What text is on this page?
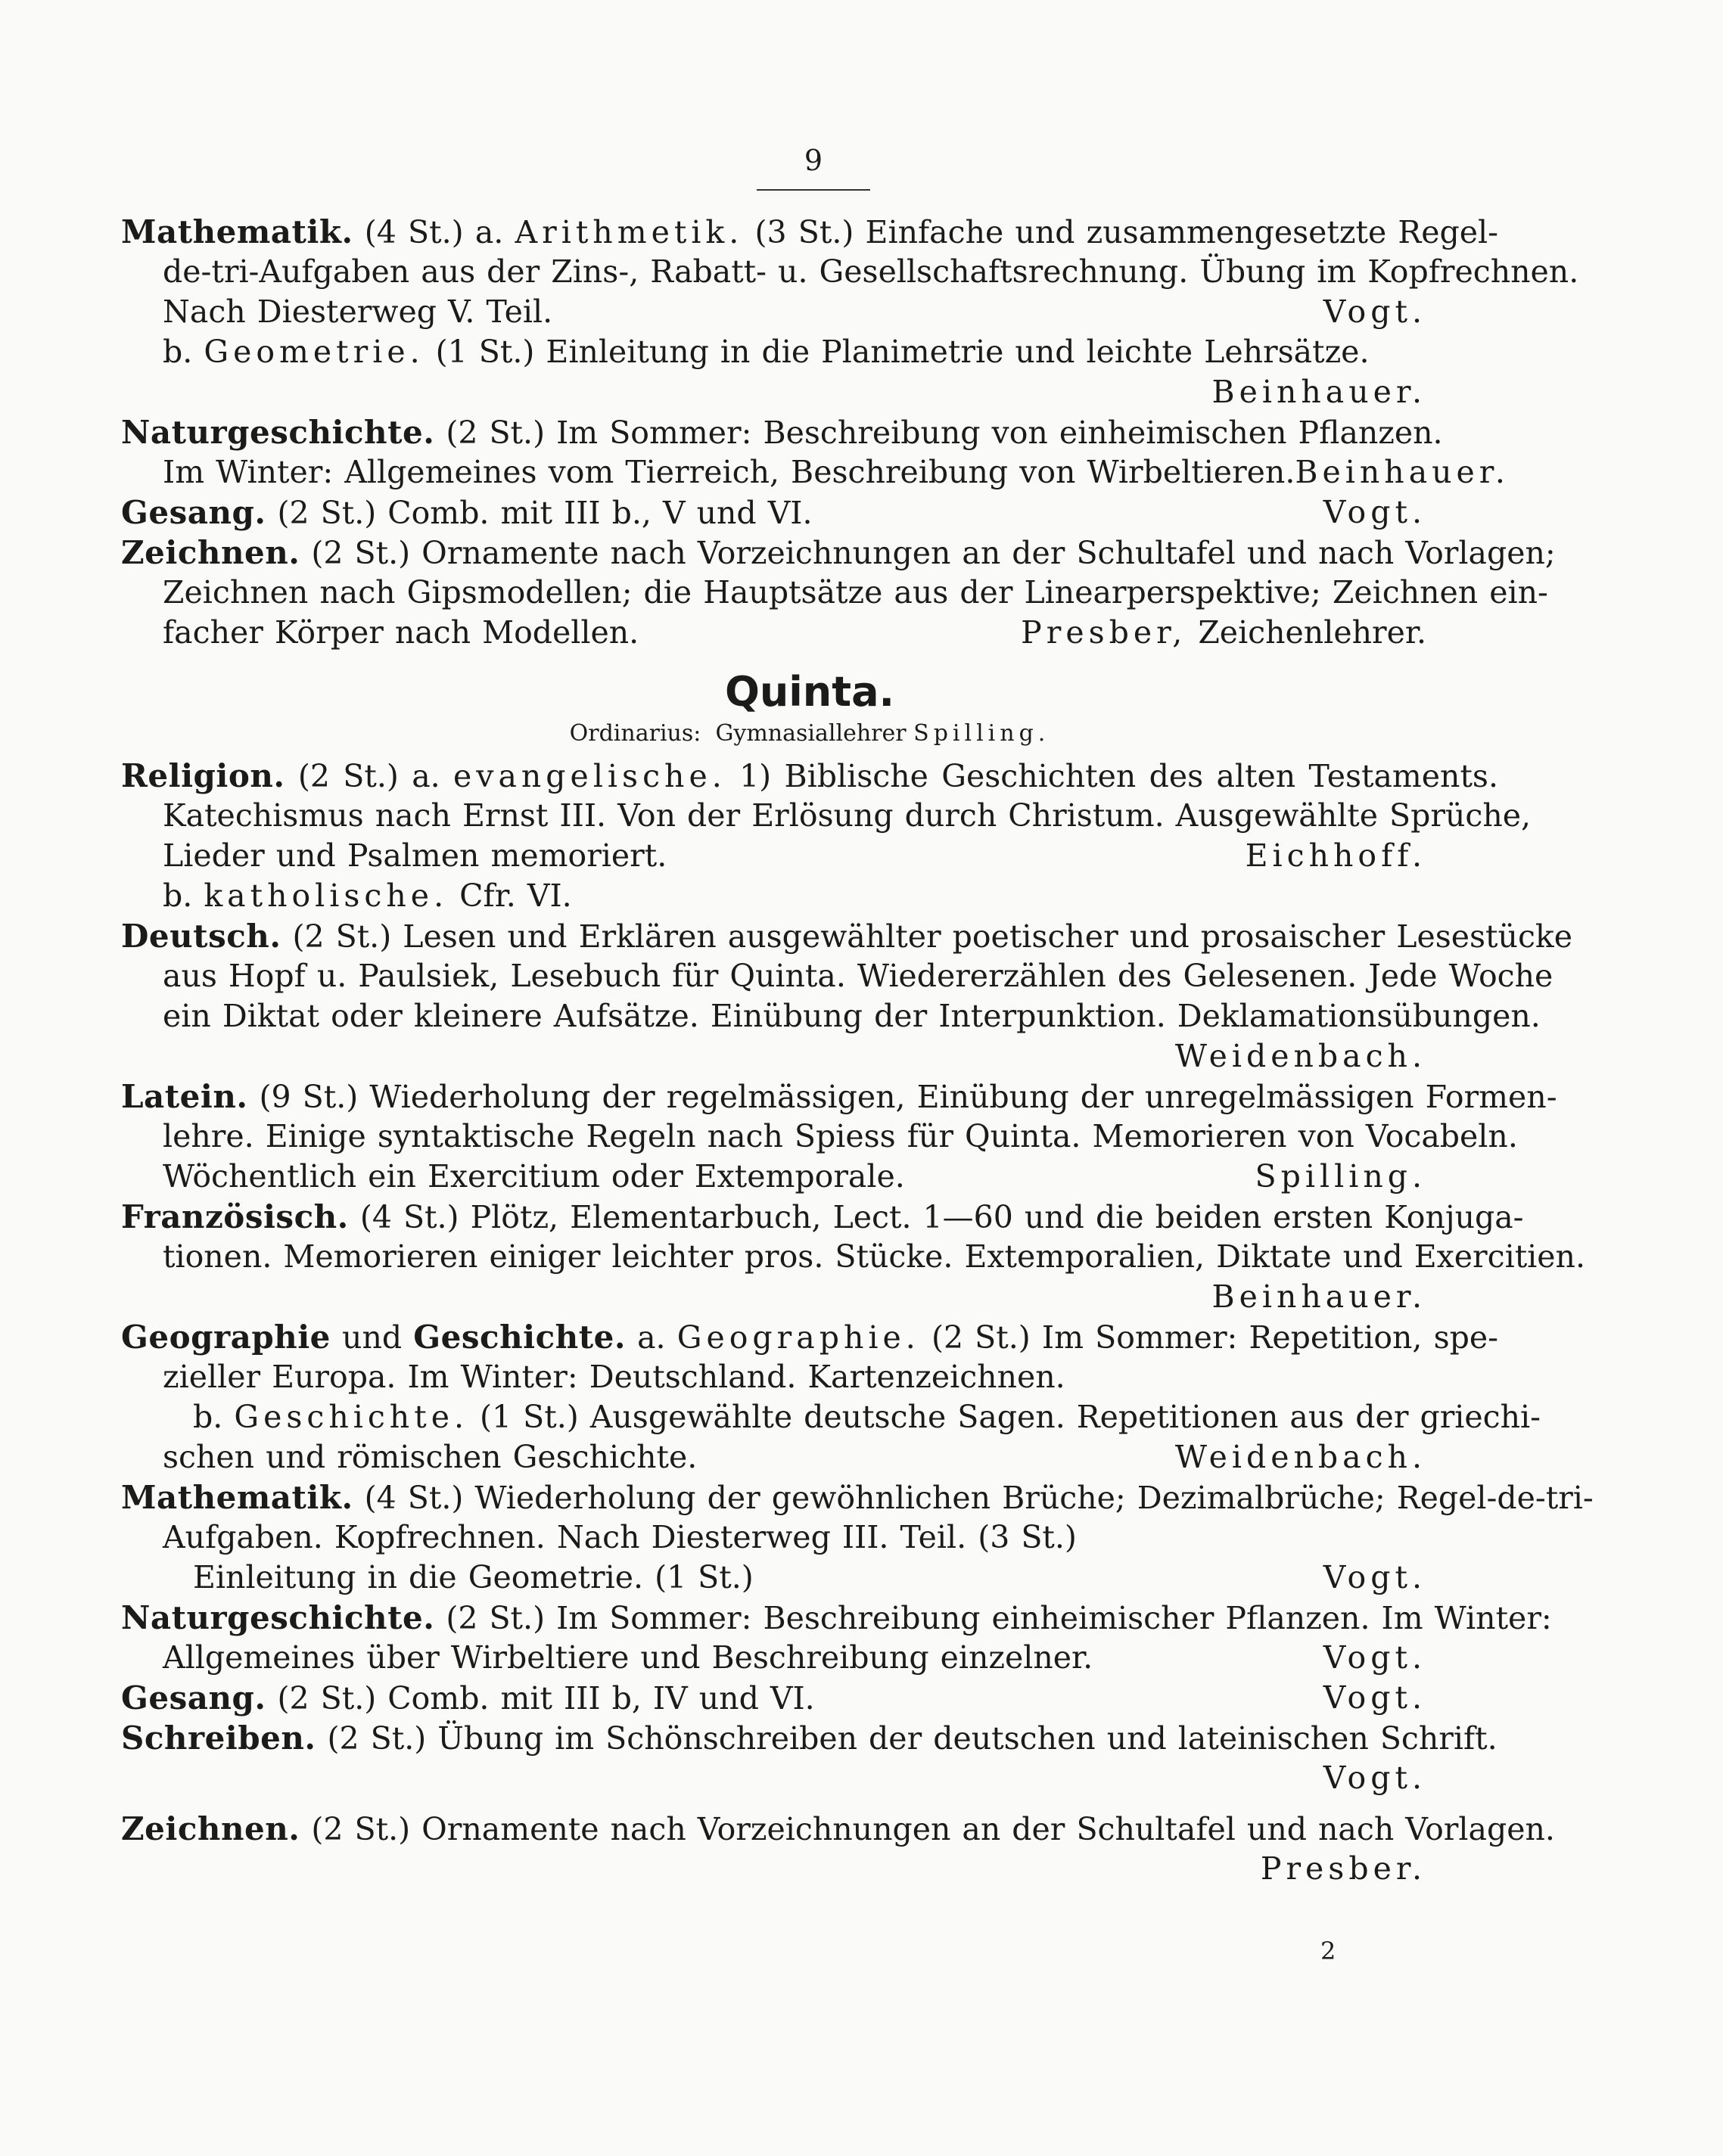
9
Mathematik. (4 St.) a. Arithmetik. (3 St.) Einfache und zusammengesetzte Regel-
de-tri-Aufgaben aus der Zins-, Rabatt- u. Gesellschaftsrechnung. Übung im Kopfrechnen.
Nach Diesterweg V. Teil.	Vogt.
b. Geometrie. (1 St.) Einleitung in die Planimetrie und leichte Lehrsätze.
Beinhauer.
Naturgeschichte. (2 St.) Im Sommer: Beschreibung von einheimischen Pflanzen.
Im Winter: Allgemeines vom Tierreich, Beschreibung von Wirbeltieren. Beinhauer.
Gesang. (2 St.) Comb. mit III b., V und VI.	Vogt.
Zeichnen. (2 St.) Ornamente nach Vorzeichnungen an der Schultafel und nach Vorlagen;
Zeichnen nach Gipsmodellen; die Hauptsätze aus der Linearperspektive; Zeichnen ein-
facher Körper nach Modellen.	Presber, Zeichenlehrer.
Quinta.
Ordinarius: Gymnasiallehrer Spilling.
Religion. (2 St.) a. evangelische. 1) Biblische Geschichten des alten Testaments.
Katechismus nach Ernst III. Von der Erlösung durch Christum. Ausgewählte Sprüche,
Lieder und Psalmen memoriert.	Eichhoff.
b. katholische. Cfr. VI.
Deutsch. (2 St.) Lesen und Erklären ausgewählter poetischer und prosaischer Lesestücke
aus Hopf u. Paulsiek, Lesebuch für Quinta. Wiedererzählen des Gelesenen. Jede Woche
ein Diktat oder kleinere Aufsätze. Einübung der Interpunktion. Deklamationsübungen.
Weidenbach.
Latein. (9 St.) Wiederholung der regelmässigen, Einübung der unregelmässigen Formen-
lehre. Einige syntaktische Regeln nach Spiess für Quinta. Memorieren von Vocabeln.
Wöchentlich ein Exercitium oder Extemporale.	Spilling.
Französisch. (4 St.) Plötz, Elementarbuch, Lect. 1—60 und die beiden ersten Konjuga-
tionen. Memorieren einiger leichter pros. Stücke. Extemporalien, Diktate und Exercitien.
Beinhauer.
Geographie und Geschichte. a. Geographie. (2 St.) Im Sommer: Repetition, spe-
zieller Europa. Im Winter: Deutschland. Kartenzeichnen.
b. Geschichte. (1 St.) Ausgewählte deutsche Sagen. Repetitionen aus der griechi-
schen und römischen Geschichte.	Weidenbach.
Mathematik. (4 St.) Wiederholung der gewöhnlichen Brüche; Dezimalbrüche; Regel-de-tri-
Aufgaben. Kopfrechnen. Nach Diesterweg III. Teil. (3 St.)
Einleitung in die Geometrie. (1 St.)	Vogt.
Naturgeschichte. (2 St.) Im Sommer: Beschreibung einheimischer Pflanzen. Im Winter:
Allgemeines über Wirbeltiere und Beschreibung einzelner.	Vogt.
Gesang. (2 St.) Comb. mit III b, IV und VI.	Vogt.
Schreiben. (2 St.) Übung im Schönschreiben der deutschen und lateinischen Schrift.
Vogt.
Zeichnen. (2 St.) Ornamente nach Vorzeichnungen an der Schultafel und nach Vorlagen.
Presber.
2
